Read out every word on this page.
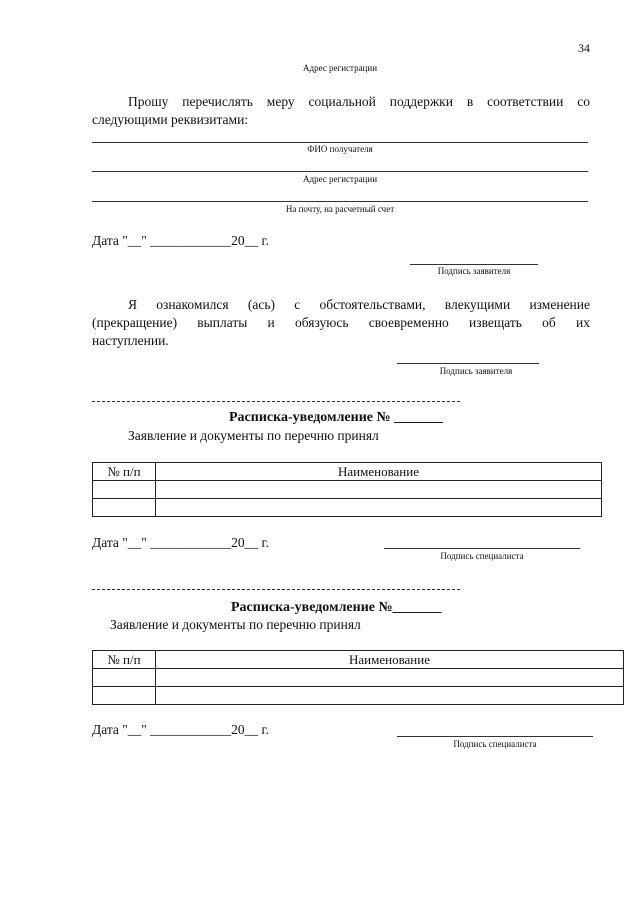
34
Адрес регистрации
Прошу перечислять меру социальной поддержки в соответствии со
следующими реквизитами:
ФИО получателя
Адрес регистрации
На почту, на расчетный счет
Дата "__" ____________20__ г.
Подпись заявителя
Я ознакомился (ась) с обстоятельствами, влекущими изменение
(прекращение) выплаты и обязуюсь своевременно извещать об их
наступлении.
Подпись заявителя
Расписка-уведомление № _______
Заявление и документы по перечню принял
№ п/п	Наименование

Дата "__" ____________20__ г.
Подпись специалиста
Расписка-уведомление №_______
Заявление и документы по перечню принял
№ п/п	Наименование

Дата "__" ____________20__ г.
Подпись специалиста
